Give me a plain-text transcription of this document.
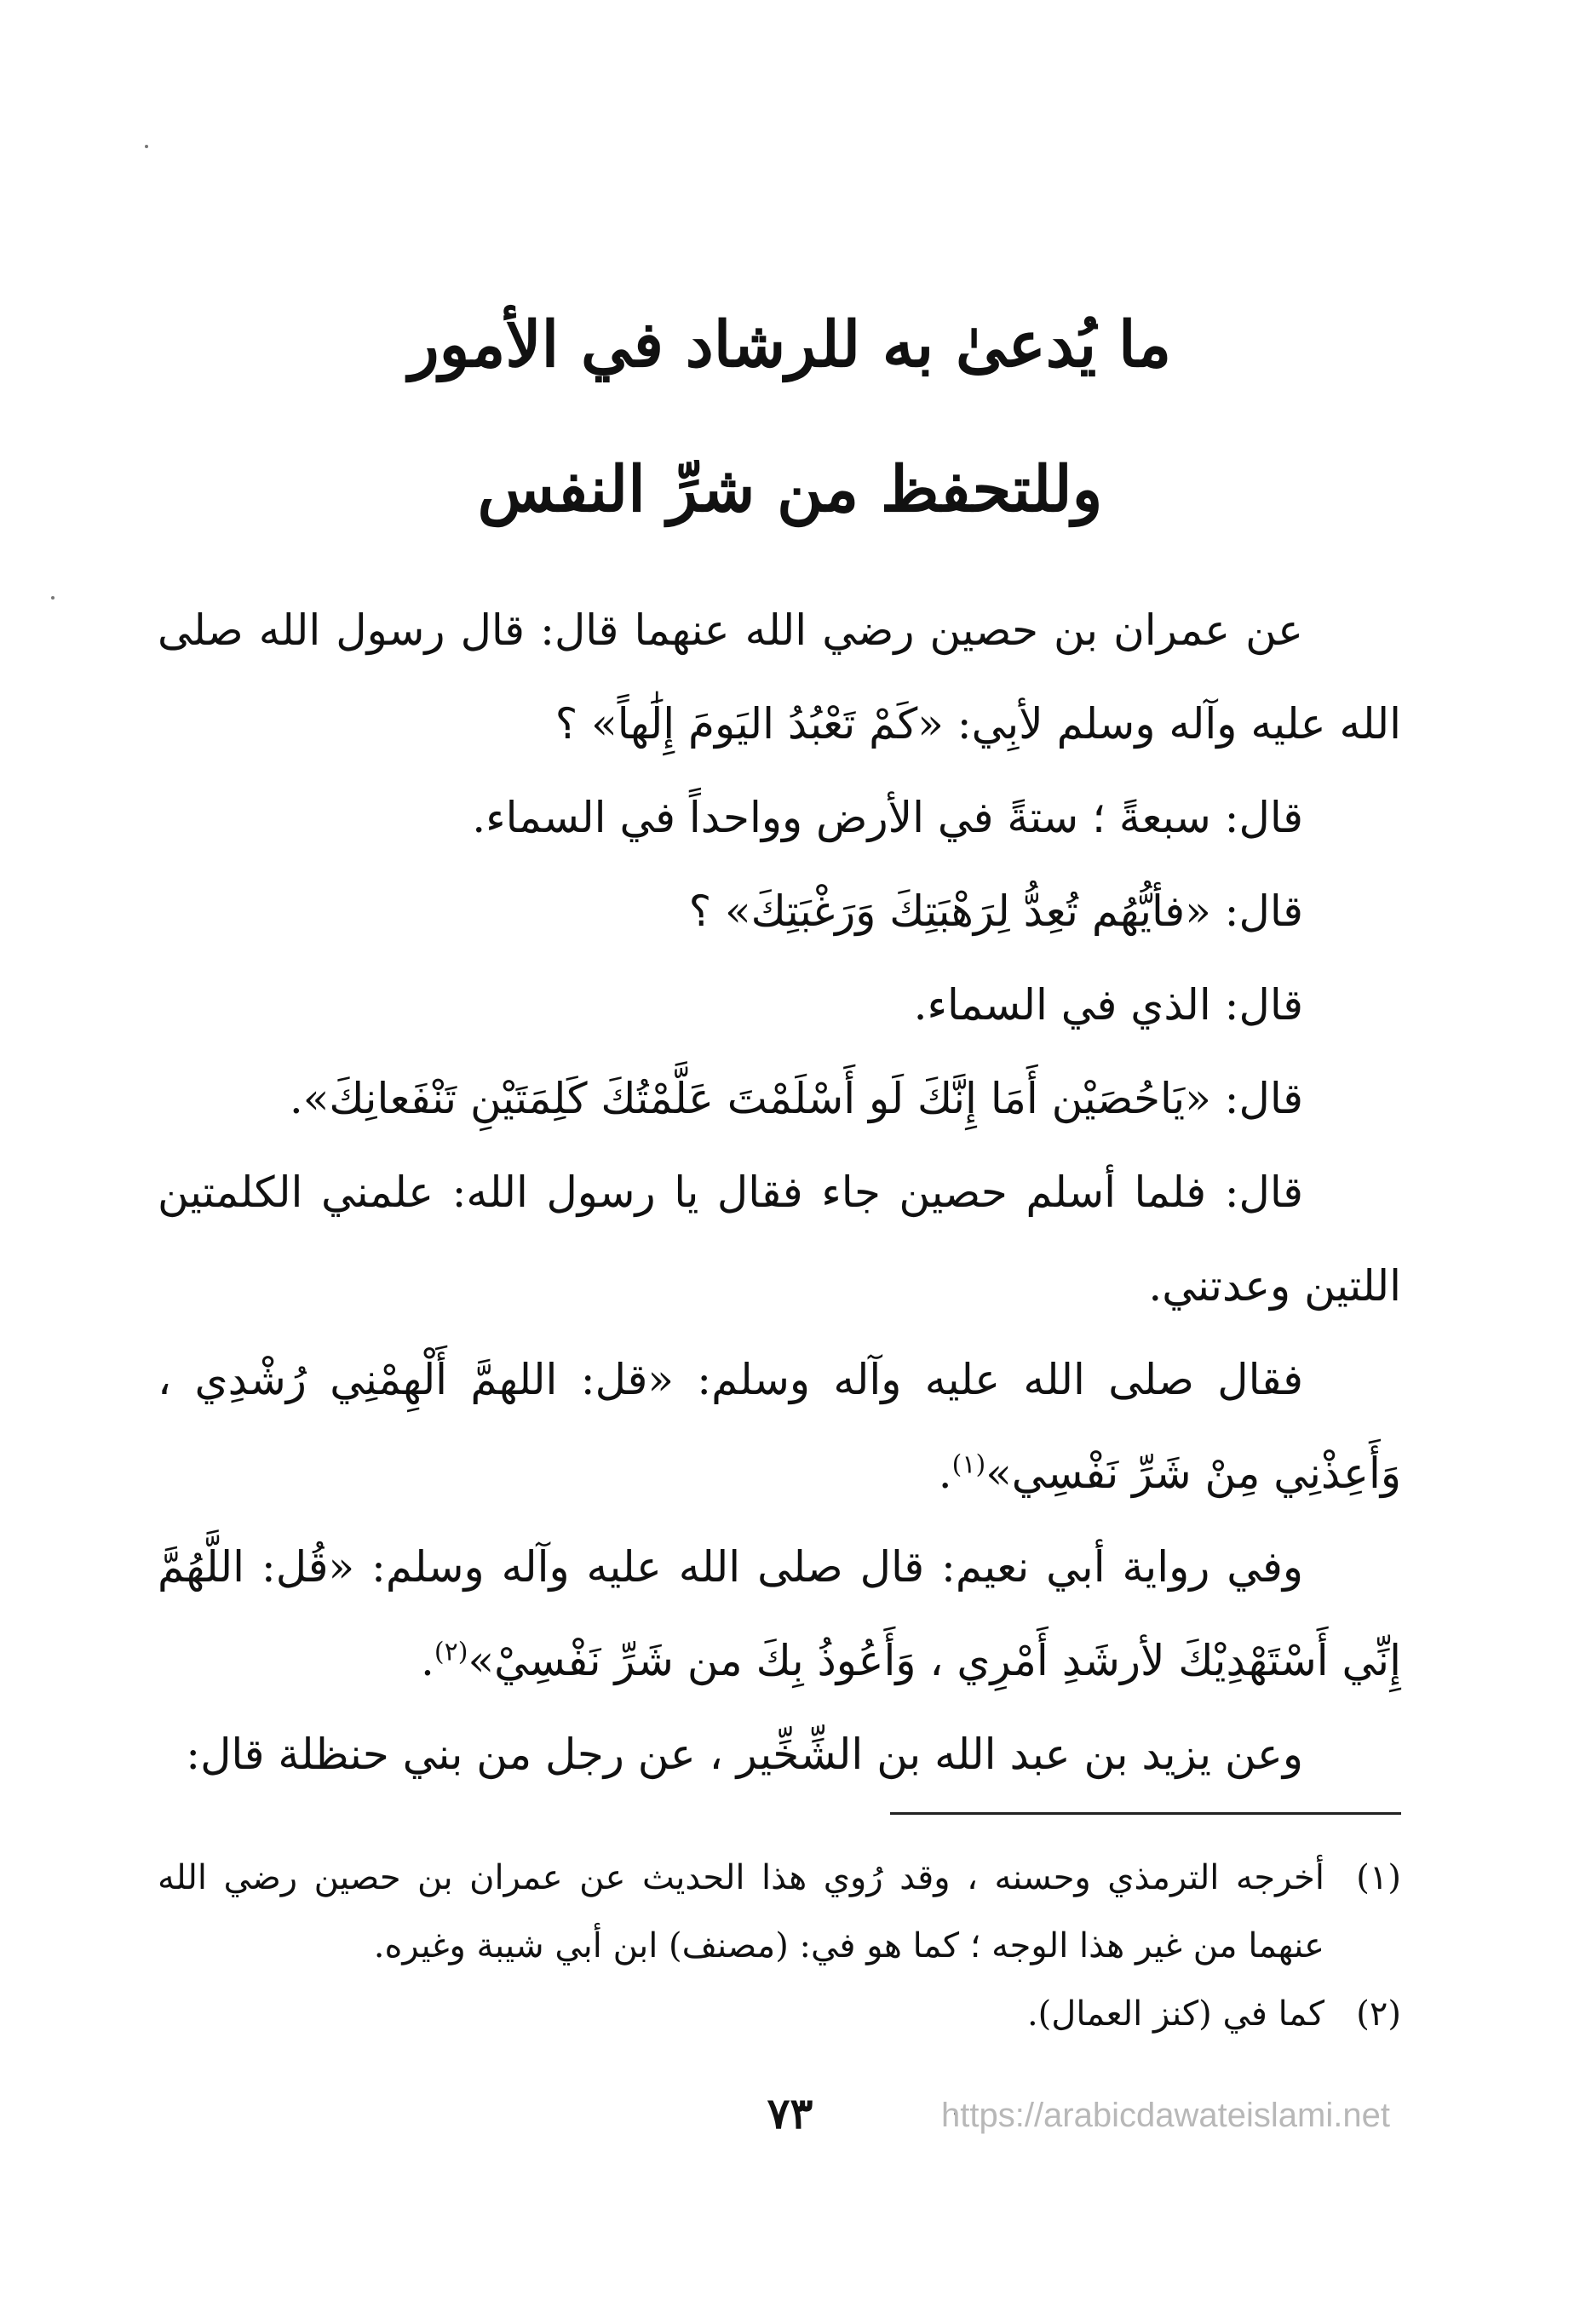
ما يُدعىٰ به للرشاد في الأمور
وللتحفظ من شرِّ النفس

عن عمران بن حصين رضي الله عنهما قال: قال رسول الله صلى الله عليه وآله وسلم لأبِي: «كَمْ تَعْبُدُ اليَومَ إِلَٰهاً» ؟

قال: سبعةً ؛ ستةً في الأرض وواحداً في السماء.

قال: «فأيُّهُم تُعِدُّ لِرَهْبَتِكَ وَرَغْبَتِكَ» ؟

قال: الذي في السماء.

قال: «يَاحُصَيْن أَمَا إِنَّكَ لَو أَسْلَمْتَ عَلَّمْتُكَ كَلِمَتَيْنِ تَنْفَعانِكَ».

قال: فلما أسلم حصين جاء فقال يا رسول الله: علمني الكلمتين اللتين وعدتني.

فقال صلى الله عليه وآله وسلم: «قل: اللهمَّ أَلْهِمْنِي رُشْدِي ، وَأَعِذْنِي مِنْ شَرِّ نَفْسِي»$^{(١)}$.

وفي رواية أبي نعيم: قال صلى الله عليه وآله وسلم: «قُل: اللَّهُمَّ إِنِّي أَسْتَهْدِيْكَ لأرشَدِ أَمْرِي ، وَأَعُوذُ بِكَ من شَرِّ نَفْسِيْ»$^{(٢)}$.

وعن يزيد بن عبد الله بن الشِّخِّير ، عن رجل من بني حنظلة قال:

(١)
أخرجه الترمذي وحسنه ، وقد رُوي هذا الحديث عن عمران بن حصين رضي الله عنهما من غير هذا الوجه ؛ كما هو في: (مصنف) ابن أبي شيبة وغيره.
(٢)
كما في (كنز العمال).
٧٣	https://arabicdawateislami.net
